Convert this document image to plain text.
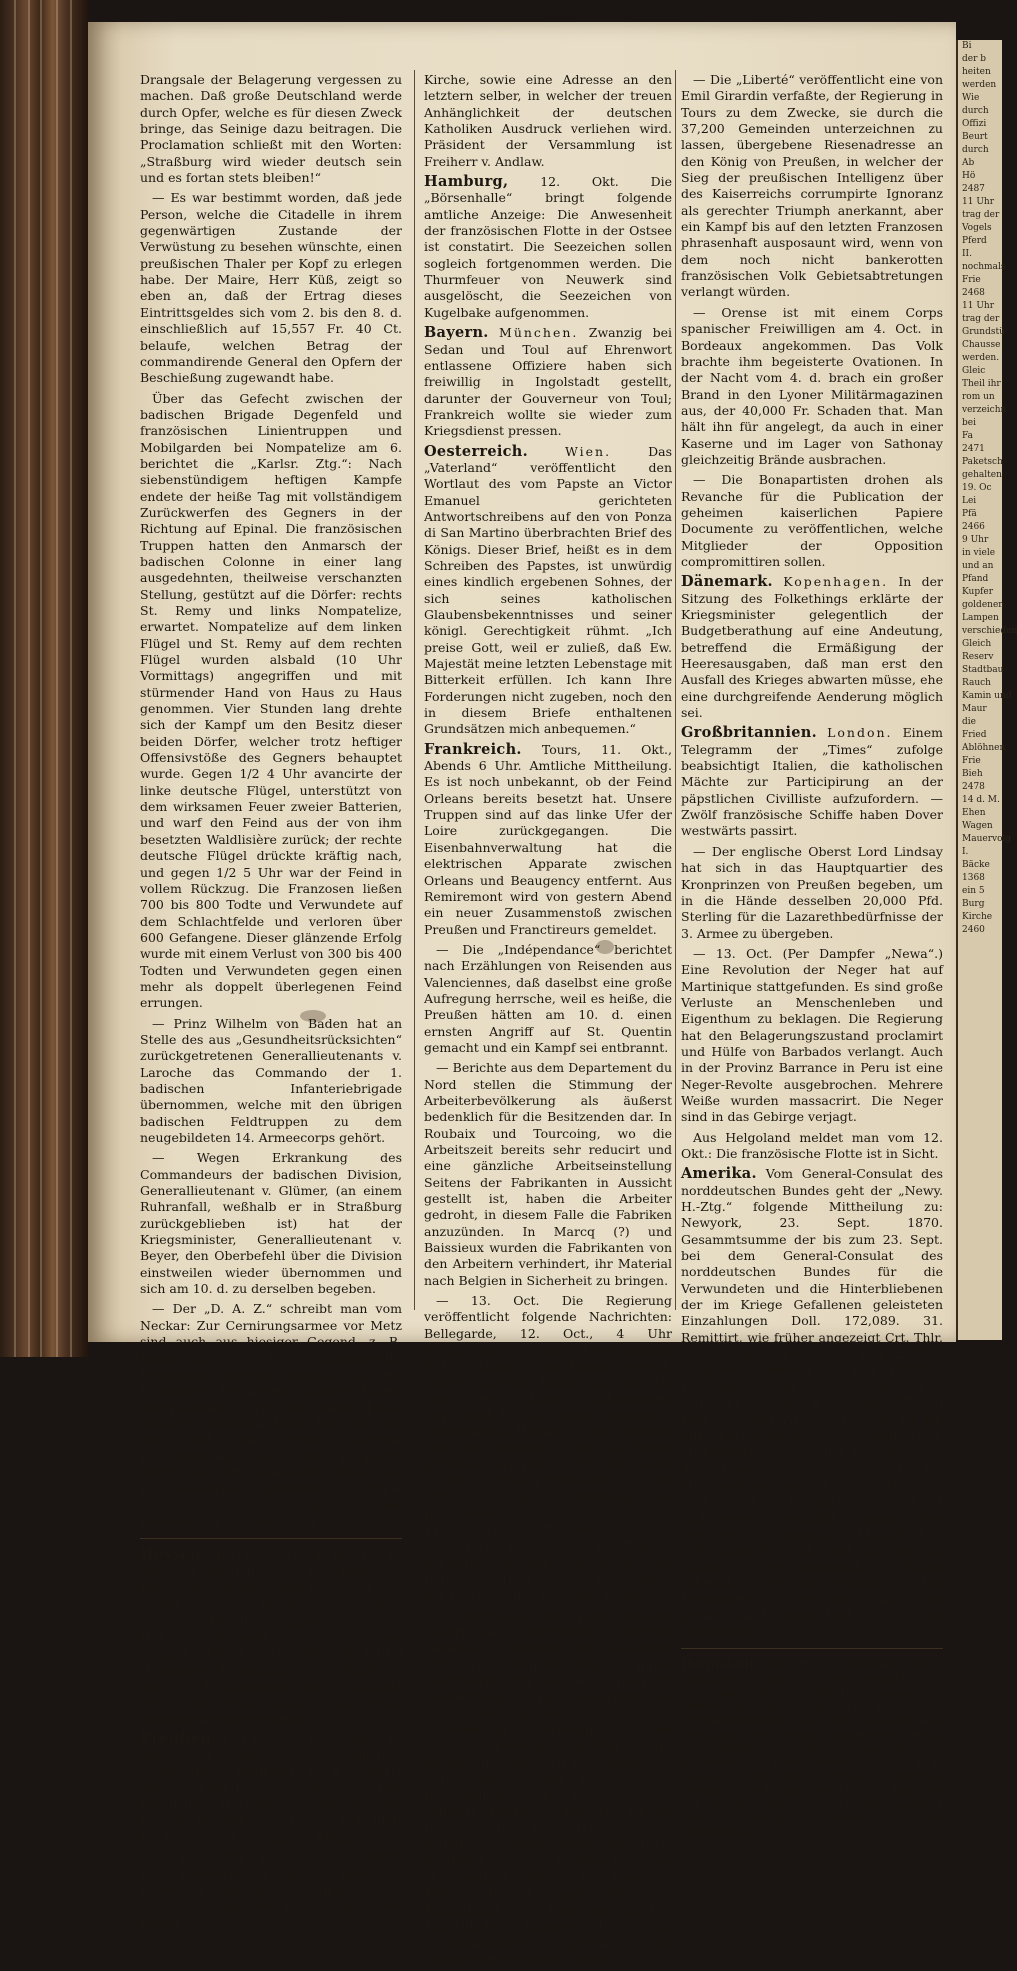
Drangsale der Belagerung vergessen zu machen. Daß große Deutschland werde durch Opfer, welche es für diesen Zweck bringe, das Seinige dazu beitragen. Die Proclamation schließt mit den Worten: „Straßburg wird wieder deutsch sein und es fortan stets bleiben!“

— Es war bestimmt worden, daß jede Person, welche die Citadelle in ihrem gegenwärtigen Zustande der Verwüstung zu besehen wünschte, einen preußischen Thaler per Kopf zu erlegen habe. Der Maire, Herr Küß, zeigt so eben an, daß der Ertrag dieses Eintrittsgeldes sich vom 2. bis den 8. d. einschließlich auf 15,557 Fr. 40 Ct. belaufe, welchen Betrag der commandirende General den Opfern der Beschießung zugewandt habe.

Über das Gefecht zwischen der badischen Brigade Degenfeld und französischen Linientruppen und Mobilgarden bei Nompatelize am 6. berichtet die „Karlsr. Ztg.“: Nach siebenstündigem heftigen Kampfe endete der heiße Tag mit vollständigem Zurückwerfen des Gegners in der Richtung auf Epinal. Die französischen Truppen hatten den Anmarsch der badischen Colonne in einer lang ausgedehnten, theilweise verschanzten Stellung, gestützt auf die Dörfer: rechts St. Remy und links Nompatelize, erwartet. Nompatelize auf dem linken Flügel und St. Remy auf dem rechten Flügel wurden alsbald (10 Uhr Vormittags) angegriffen und mit stürmender Hand von Haus zu Haus genommen. Vier Stunden lang drehte sich der Kampf um den Besitz dieser beiden Dörfer, welcher trotz heftiger Offensivstöße des Gegners behauptet wurde. Gegen 1/2 4 Uhr avancirte der linke deutsche Flügel, unterstützt von dem wirksamen Feuer zweier Batterien, und warf den Feind aus der von ihm besetzten Waldlisière zurück; der rechte deutsche Flügel drückte kräftig nach, und gegen 1/2 5 Uhr war der Feind in vollem Rückzug. Die Franzosen ließen 700 bis 800 Todte und Verwundete auf dem Schlachtfelde und verloren über 600 Gefangene. Dieser glänzende Erfolg wurde mit einem Verlust von 300 bis 400 Todten und Verwundeten gegen einen mehr als doppelt überlegenen Feind errungen.

— Prinz Wilhelm von Baden hat an Stelle des aus „Gesundheitsrücksichten“ zurückgetretenen Generallieutenants v. Laroche das Commando der 1. badischen Infanteriebrigade übernommen, welche mit den übrigen badischen Feldtruppen zu dem neugebildeten 14. Armeecorps gehört.

— Wegen Erkrankung des Commandeurs der badischen Division, Generallieutenant v. Glümer, (an einem Ruhranfall, weßhalb er in Straßburg zurückgeblieben ist) hat der Kriegsminister, Generallieutenant v. Beyer, den Oberbefehl über die Division einstweilen wieder übernommen und sich am 10. d. zu derselben begeben.

— Der „D. A. Z.“ schreibt man vom Neckar: Zur Cernirungsarmee vor Metz sind auch aus hiesiger Gegend, z. B. Mannheim, viele Zimmerleute beschieden, welche zugleich mit den Pionnieren der Armee hölzerne Buden und Baracken zu errichten haben. Es ist dies ein Anzeichen dafür, daß man sich noch auf eine länger dauernde Einschließung jener Festung gefaßt macht. Das nöthige Holzwerk haben jene Bauhandwerker, größtentheils schon zugeschnitten, sofort an den Ort ihrer Bestimmung mitgenommen.

Hessen. Darmstadt. Dem „Fr. J.“ wird von hier gemeldet: Oberfsteuerrath Fabricius von hier, welcher etwa vor einem Jahre zum Zollvereinsbevollmächtigten in Hannover ernannt worden, ist vor einigen Tagen mit dem Amtstitel „Geheimer Finanzrath“ zum Rath im preuß. Finanzministerium befördert worden und somit definitiv in den preuß. Staatsdienst übergetreten.

Preußen. Fulda. Die Theilnahme an der von deutschen Edelleuten veranstalteten Wallfahrt ist von auswärts wie hier über Erwartung zahlreich. Das feierliche Hochamt celebrirte der hiesige Bischof, die Festpredigt hielt Domcapitular Moufang von Mainz.

— Eine am 12. d. stattgehabte Katholikenversammlung beschloß, Protesterklärungen gegen die Vergewaltigung des Papstes und der kathol.

Kirche, sowie eine Adresse an den letztern selber, in welcher der treuen Anhänglichkeit der deutschen Katholiken Ausdruck verliehen wird. Präsident der Versammlung ist Freiherr v. Andlaw.

Hamburg,	12. Okt.	Die „Börsenhalle“ bringt folgende amtliche Anzeige: Die Anwesenheit der französischen Flotte in der Ostsee ist constatirt. Die Seezeichen sollen sogleich fortgenommen werden. Die Thurmfeuer von Neuwerk sind ausgelöscht, die Seezeichen von Kugelbake aufgenommen.

Bayern. München. Zwanzig bei Sedan und Toul auf Ehrenwort entlassene Offiziere haben sich freiwillig in Ingolstadt gestellt, darunter der Gouverneur von Toul; Frankreich wollte sie wieder zum Kriegsdienst pressen.

Oesterreich.	Wien.	Das „Vaterland“ veröffentlicht den Wortlaut des vom Papste an Victor Emanuel gerichteten Antwortschreibens auf den von Ponza di San Martino überbrachten Brief des Königs. Dieser Brief, heißt es in dem Schreiben des Papstes, ist unwürdig eines kindlich ergebenen Sohnes, der sich seines katholischen Glaubensbekenntnisses und seiner königl. Gerechtigkeit rühmt. „Ich preise Gott, weil er zuließ, daß Ew. Majestät meine letzten Lebenstage mit Bitterkeit erfüllen. Ich kann Ihre Forderungen nicht zugeben, noch den in diesem Briefe enthaltenen Grundsätzen mich anbequemen.“

Frankreich. Tours, 11. Okt., Abends 6 Uhr. Amtliche Mittheilung. Es ist noch unbekannt, ob der Feind Orleans bereits besetzt hat. Unsere Truppen sind auf das linke Ufer der Loire zurückgegangen. Die Eisenbahnverwaltung hat die elektrischen Apparate zwischen Orleans und Beaugency entfernt. Aus Remiremont wird von gestern Abend ein neuer Zusammenstoß zwischen Preußen und Franctireurs gemeldet.

— Die „Indépendance“ berichtet nach Erzählungen von Reisenden aus Valenciennes, daß daselbst eine große Aufregung herrsche, weil es heiße, die Preußen hätten am 10. d. einen ernsten Angriff auf St. Quentin gemacht und ein Kampf sei entbrannt.

— Berichte aus dem Departement du Nord stellen die Stimmung der Arbeiterbevölkerung als äußerst bedenklich für die Besitzenden dar. In Roubaix und Tourcoing, wo die Arbeitszeit bereits sehr reducirt und eine gänzliche Arbeitseinstellung Seitens der Fabrikanten in Aussicht gestellt ist, haben die Arbeiter gedroht, in diesem Falle die Fabriken anzuzünden. In Marcq (?) und Baissieux wurden die Fabrikanten von den Arbeitern verhindert, ihr Material nach Belgien in Sicherheit zu bringen.

— 13. Oct. Die Regierung veröffentlicht folgende Nachrichten: Bellegarde, 12. Oct., 4 Uhr Nachmittags. Orleans ist seit gestern 6 Uhr Abends vom Feinde besetzt. Unsere Truppen haben sich auf das linke Ufer der Loire zurückgezogen. Der Feind hat die Stadt bombadirt. Verschiedene Häuser in der Vorstadt und der Bahnhof sind in Brand gerathen. Der Bischof und der Maire begaben sich als Parlamantäre zu dem Feind, um die Einstellung des Bombardements zu erbitten. — Lille, 11. Oct. Ein Luftballon ist in die Steinbrüche bei Cambrai gefallen; in demselben befand sich nebst dem Luftschiffer Herr Lefaivre, der Kanzler der französischen Botschaft in Wien.

— Berichten aus Tours zufolge dauern die Zwistigkeiten zwischen Gambetta, Cremieux und Glais-Bizoin fort. Die französischen Truppen beschweren sich über die Haltung der Bevölkerung. In verschiedenen Gemeinden wurden ihnen die Lebensmittel verweigert und Schwierigkeiten in den Weg gelegt, um sie zum Abmarsch zu zwingen. Die Gemeinden befürchten die Repressalien der Preußen. Die Offiziere beklagen den Mangel an Disciplin bei den Truppen aufs lebhafteste. Nachrichten aus Paris melden: Fleisch und Gemüse beginnen zu mangeln, ebenso Druckpapiere. Mehrere Blätter zeigen deßhalb die Möglichkeit ihres Eingehens an. Die Fleischläden müssen durch die Nationalgarden gegen die Volksmassen gesichert werden.

— Die „Liberté“ veröffentlicht eine von Emil Girardin verfaßte, der Regierung in Tours zu dem Zwecke, sie durch die 37,200 Gemeinden unterzeichnen zu lassen, übergebene Riesenadresse an den König von Preußen, in welcher der Sieg der preußischen Intelligenz über des Kaiserreichs corrumpirte Ignoranz als gerechter Triumph anerkannt, aber ein Kampf bis auf den letzten Franzosen phrasenhaft ausposaunt wird, wenn von dem noch nicht bankerotten französischen Volk Gebietsabtretungen verlangt würden.

— Orense ist mit einem Corps spanischer Freiwilligen am 4. Oct. in Bordeaux angekommen. Das Volk brachte ihm begeisterte Ovationen. In der Nacht vom 4. d. brach ein großer Brand in den Lyoner Militärmagazinen aus, der 40,000 Fr. Schaden that. Man hält ihn für angelegt, da auch in einer Kaserne und im Lager von Sathonay gleichzeitig Brände ausbrachen.

— Die Bonapartisten drohen als Revanche für die Publication der geheimen kaiserlichen Papiere Documente zu veröffentlichen, welche Mitglieder der Opposition compromittiren sollen.

Dänemark. Kopenhagen. In der Sitzung des Folkethings erklärte der Kriegsminister gelegentlich der Budgetberathung auf eine Andeutung, betreffend die Ermäßigung der Heeresausgaben, daß man erst den Ausfall des Krieges abwarten müsse, ehe eine durchgreifende Aenderung möglich sei.

Großbritannien. London. Einem Telegramm der „Times“ zufolge beabsichtigt Italien, die katholischen Mächte zur Participirung an der päpstlichen Civilliste aufzufordern. — Zwölf französische Schiffe haben Dover westwärts passirt.

— Der englische Oberst Lord Lindsay hat sich in das Hauptquartier des Kronprinzen von Preußen begeben, um in die Hände desselben 20,000 Pfd. Sterling für die Lazarethbedürfnisse der 3. Armee zu übergeben.

— 13. Oct. (Per Dampfer „Newa“.) Eine Revolution der Neger hat auf Martinique stattgefunden. Es sind große Verluste an Menschenleben und Eigenthum zu beklagen. Die Regierung hat den Belagerungszustand proclamirt und Hülfe von Barbados verlangt. Auch in der Provinz Barrance in Peru ist eine Neger-Revolte ausgebrochen. Mehrere Weiße wurden massacrirt. Die Neger sind in das Gebirge verjagt.

Aus Helgoland meldet man vom 12. Okt.: Die französische Flotte ist in Sicht.

Amerika. Vom General-Consulat des norddeutschen Bundes geht der „Newy. H.-Ztg.“ folgende Mittheilung zu: Newyork, 23. Sept. 1870. Gesammtsumme der bis zum 23. Sept. bei dem General-Consulat des norddeutschen Bundes für die Verwundeten und die Hinterbliebenen der im Kriege Gefallenen geleisteten Einzahlungen Doll. 172,089. 31. Remittirt, wie früher angezeigt Crt. Thlr. 170,000, dazu heute Crt. Thlr. 25,000, Total der Rimessen Crt. Thlr. 195,000. Dazu ein Wechsel von Galveston (zweite Gabe) im Betrage von Crt. Thlr. 1375 auf Berlin. — Von Virginia, Nevada, ist ein Silberbarren im Werthe von Doll. 3123. 76 eingegangen, welcher dem Wunsche der Einsender gemäß in Natura übersandt werden soll. — Von Havanna sind 25,000 Stück Cigarren eingeschickt und weiter verschifft worden. Der norddeutsche Gesandte in Mexico, Herr v. Schlözer, theilt mit, daß die deutsche Colonie in der Hauptstadt, 185 Köpfe zählend, 25,000 Thlr. remittirt hat. Die Deutschen in Vera-Cruz, auch eine geringe Zahl, hatten Doll. 12,500 Gold aufgebracht.

Darmstadt. Die „H. B.“ berichten: Durch Ausführung einer größeren Anzahl sehr zweckmäßig eingerichteter Krankenwagen ist namentlich in dem Transport von Schwerverwundeten auf der Eisenbahn eine bedeutende Verbesserung eingetreten, die um so zeitgemäßer ist, als gegenwärtig viele Amputirte transportirt werden. So traf z. B. dieser Tage ein solcher Zug hier ein, der viele Bayern mit sich führte, welche in Folge ihrer bei Wörth erhaltenen Wunden amputirt worden, leider starben unterwegs 3 dieser Unglücklichen.

Bi
der b
heiten
werden
Wie
durch
Offizi
Beurt
durch
Ab
Hö
2487
11 Uhr
trag der
Vogels
Pferd
II.
nochmals
Frie
2468
11 Uhr
trag der
Grundstü
Chausse
werden.
Gleic
Theil ihr
rom un
verzeichn
bei
Fa
2471
Paketsch
gehalten
19. Oc
Lei
Pfä
2466
9 Uhr
in viele
und an
Pfand
Kupfer
goldenen
Lampen
verschieden
Gleich
Reserv
Stadtbau
Rauch
Kamin und
Maur
die
Fried
Ablöhnen
Frie
Bieh
2478
14 d. M.
Ehen
Wagen
Mauervolg
I.
Bäcke
1368
ein 5
Burg
Kirche
2460
